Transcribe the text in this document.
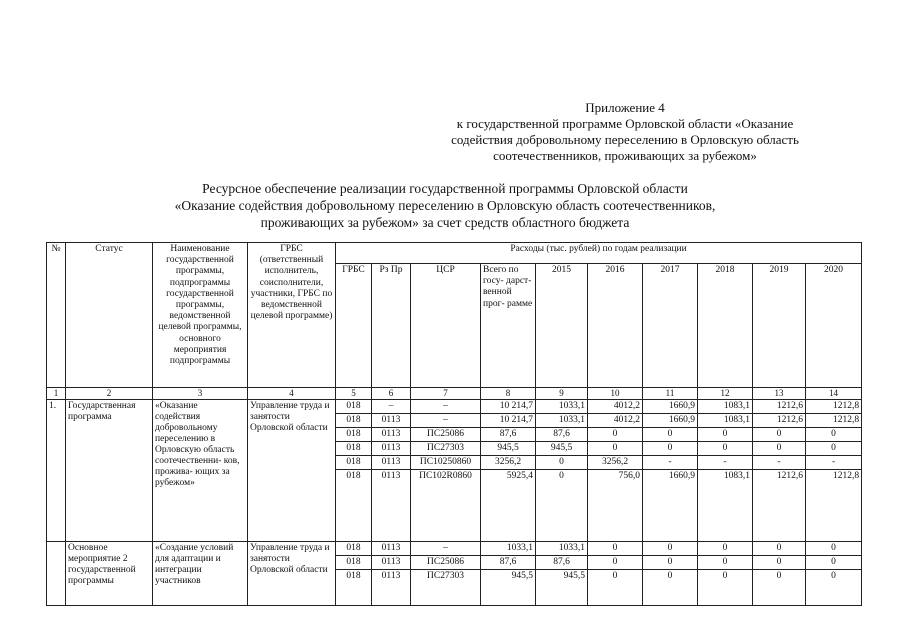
Приложение 4
к государственной программе Орловской области «Оказание
содействия добровольному переселению в Орловскую область
соотечественников, проживающих за рубежом»
Ресурсное обеспечение реализации государственной программы Орловской области
«Оказание содействия добровольному переселению в Орловскую область соотечественников,
проживающих за рубежом» за счет средств областного бюджета
№	Статус	Наименование государственной программы, подпрограммы государственной программы, ведомственной целевой программы, основного мероприятия подпрограммы	ГРБС (ответственный исполнитель, соисполнители, участники, ГРБС по ведомственной целевой программе)	Расходы (тыс. рублей) по годам реализации									
				ГРБС	Рз Пр	ЦСР	Всего по госу- дарст- венной прог- рамме	2015	2016	2017	2018	2019	2020
1	2	3	4	5	6	7	8	9	10	11	12	13	14
1.	Государственная программа	«Оказание содействия добровольному переселению в Орловскую область соотечественни- ков, прожива- ющих за рубежом»	Управление труда и занятости Орловской области	018	–	–	10 214,7	1033,1	4012,2	1660,9	1083,1	1212,6	1212,8
				018	0113	–	10 214,7	1033,1	4012,2	1660,9	1083,1	1212,6	1212,8
				018	0113	ПС25086	87,6	87,6	0	0	0	0	0
				018	0113	ПС27303	945,5	945,5	0	0	0	0	0
				018	0113	ПС10250860	3256,2	0	3256,2	-	-	-	-
				018	0113	ПС102R0860	5925,4	0	756,0	1660,9	1083,1	1212,6	1212,8

	Основное мероприятие 2 государственной программы	«Создание условий для адаптации и интеграции участников	Управление труда и занятости Орловской области	018	0113	–	1033,1	1033,1	0	0	0	0	0
				018	0113	ПС25086	87,6	87,6	0	0	0	0	0
				018	0113	ПС27303	945,5	945,5	0	0	0	0	0
